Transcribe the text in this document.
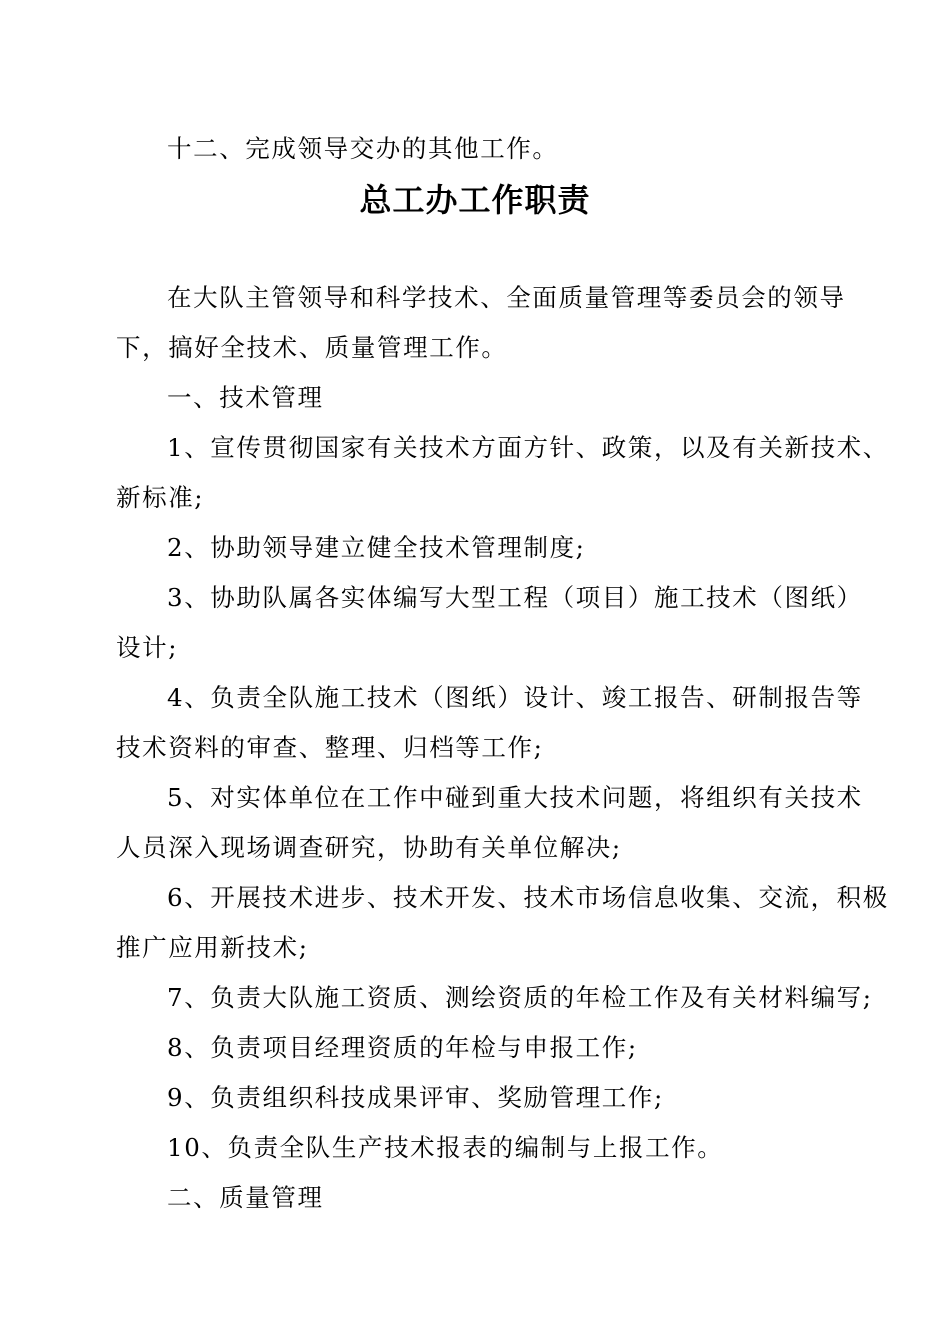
十二、完成领导交办的其他工作。
总工办工作职责
在大队主管领导和科学技术、全面质量管理等委员会的领导
下，搞好全技术、质量管理工作。
一、技术管理
1、宣传贯彻国家有关技术方面方针、政策，以及有关新技术、
新标准;
2、协助领导建立健全技术管理制度;
3、协助队属各实体编写大型工程（项目）施工技术（图纸）
设计;
4、负责全队施工技术（图纸）设计、竣工报告、研制报告等
技术资料的审查、整理、归档等工作;
5、对实体单位在工作中碰到重大技术问题，将组织有关技术
人员深入现场调查研究，协助有关单位解决;
6、开展技术进步、技术开发、技术市场信息收集、交流，积极
推广应用新技术;
7、负责大队施工资质、测绘资质的年检工作及有关材料编写;
8、负责项目经理资质的年检与申报工作;
9、负责组织科技成果评审、奖励管理工作;
10、负责全队生产技术报表的编制与上报工作。
二、质量管理
